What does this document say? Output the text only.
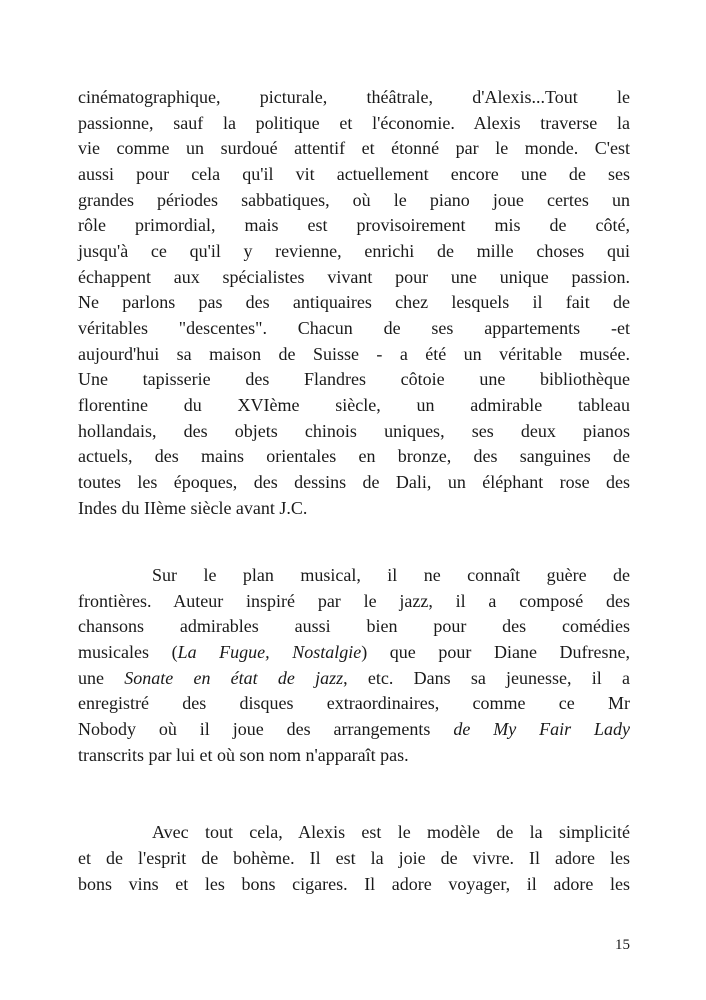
cinématographique, picturale, théâtrale, d'Alexis...Tout le
passionne, sauf la politique et l'économie. Alexis traverse la
vie comme un surdoué attentif et étonné par le monde. C'est
aussi pour cela qu'il vit actuellement encore une de ses
grandes périodes sabbatiques, où le piano joue certes un
rôle primordial, mais est provisoirement mis de côté,
jusqu'à ce qu'il y revienne, enrichi de mille choses qui
échappent aux spécialistes vivant pour une unique passion.
Ne parlons pas des antiquaires chez lesquels il fait de
véritables "descentes". Chacun de ses appartements -et
aujourd'hui sa maison de Suisse - a été un véritable musée.
Une tapisserie des Flandres côtoie une bibliothèque
florentine du XVIème siècle, un admirable tableau
hollandais, des objets chinois uniques, ses deux pianos
actuels, des mains orientales en bronze, des sanguines de
toutes les époques, des dessins de Dali, un éléphant rose des
Indes du IIème siècle avant J.C.
Sur le plan musical, il ne connaît guère de
frontières. Auteur inspiré par le jazz, il a composé des
chansons admirables aussi bien pour des comédies
musicales (La Fugue, Nostalgie) que pour Diane Dufresne,
une Sonate en état de jazz, etc. Dans sa jeunesse, il a
enregistré des disques extraordinaires, comme ce Mr
Nobody où il joue des arrangements de My Fair Lady
transcrits par lui et où son nom n'apparaît pas.
Avec tout cela, Alexis est le modèle de la simplicité
et de l'esprit de bohème. Il est la joie de vivre. Il adore les
bons vins et les bons cigares. Il adore voyager, il adore les
15
